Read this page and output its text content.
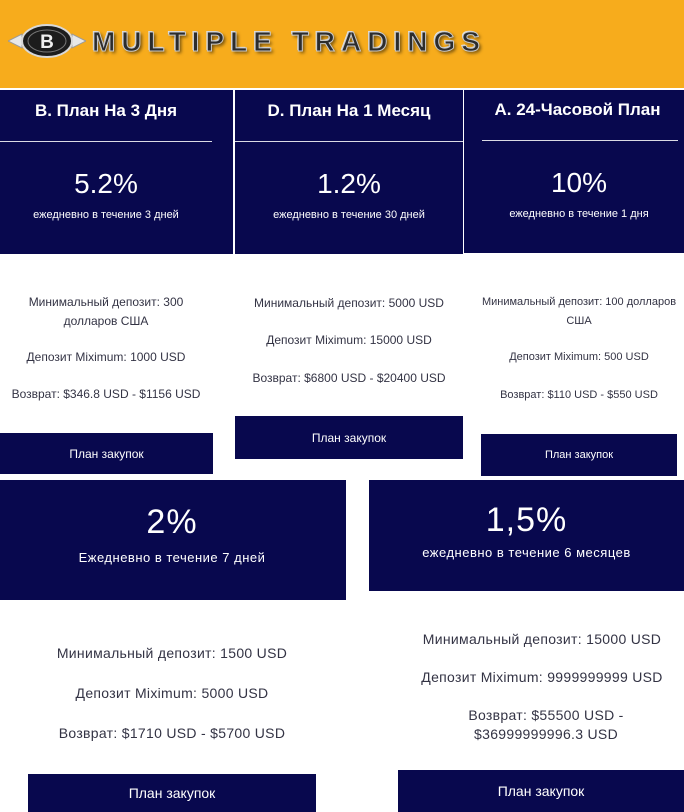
B MULTIPLE TRADINGS
B. План На 3 Дня
5.2%
ежедневно в течение 3 дней
Минимальный депозит: 300 долларов США
Депозит Miximum: 1000 USD
Возврат: $346.8 USD - $1156 USD
План закупок
D. План На 1 Месяц
1.2%
ежедневно в течение 30 дней
Минимальный депозит: 5000 USD
Депозит Miximum: 15000 USD
Возврат: $6800 USD - $20400 USD
План закупок
A. 24-Часовой План
10%
ежедневно в течение 1 дня
Минимальный депозит: 100 долларов США
Депозит Miximum: 500 USD
Возврат: $110 USD - $550 USD
План закупок
2%
Ежедневно в течение 7 дней
Минимальный депозит: 1500 USD
Депозит Miximum: 5000 USD
Возврат: $1710 USD - $5700 USD
План закупок
1,5%
ежедневно в течение 6 месяцев
Минимальный депозит: 15000 USD
Депозит Miximum: 9999999999 USD
Возврат: $55500 USD - $36999999996.3 USD
План закупок
